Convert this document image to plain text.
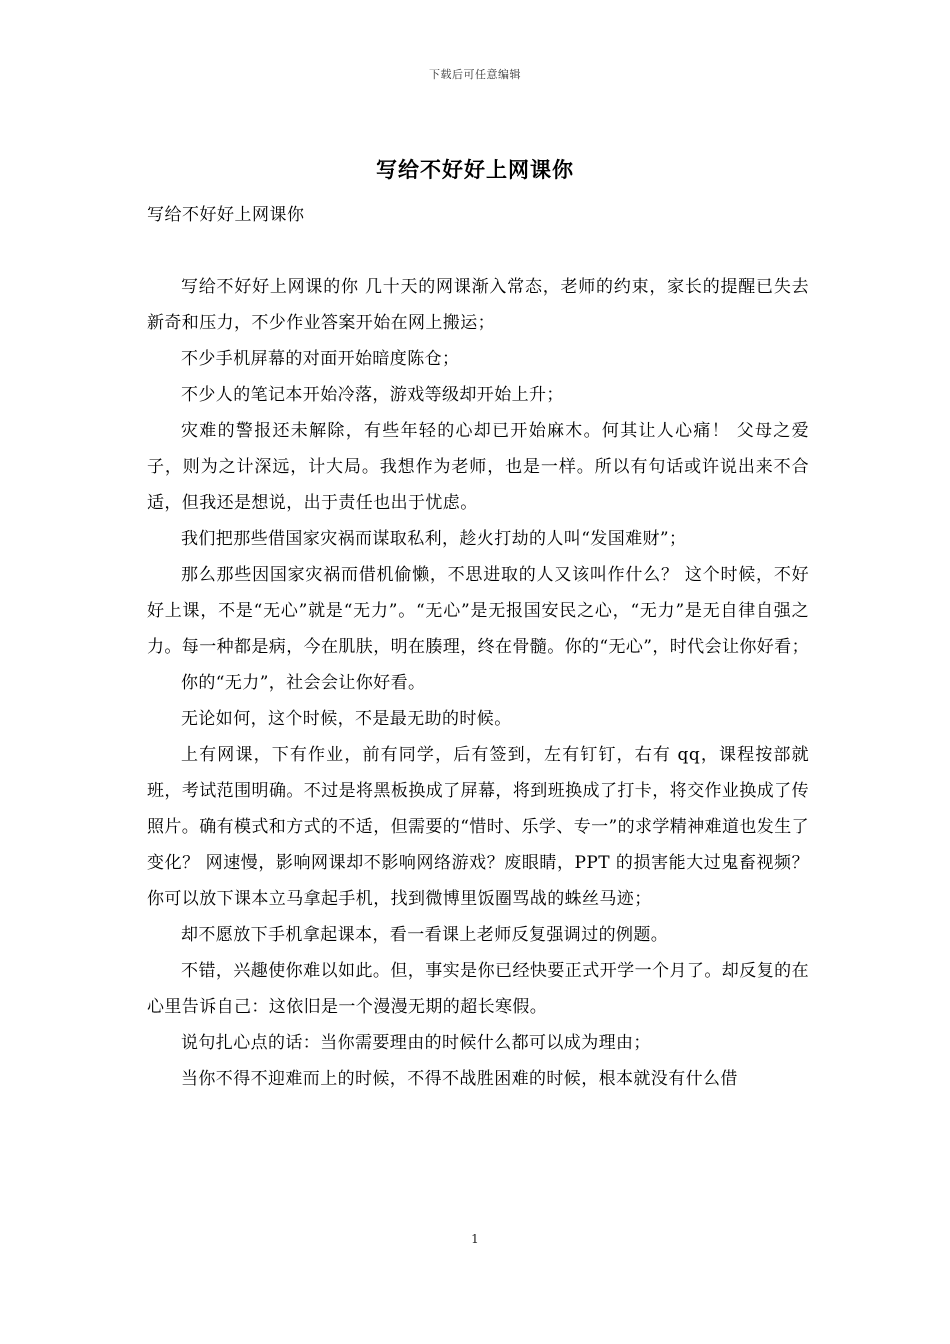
下载后可任意编辑
写给不好好上网课你

写给不好好上网课你

写给不好好上网课的你 几十天的网课渐入常态，老师的约束，家长的提醒已失去新奇和压力，不少作业答案开始在网上搬运；

不少手机屏幕的对面开始暗度陈仓；

不少人的笔记本开始冷落，游戏等级却开始上升；

灾难的警报还未解除，有些年轻的心却已开始麻木。何其让人心痛！ 父母之爱子，则为之计深远，计大局。我想作为老师，也是一样。所以有句话或许说出来不合适，但我还是想说，出于责任也出于忧虑。

我们把那些借国家灾祸而谋取私利，趁火打劫的人叫“发国难财”；

那么那些因国家灾祸而借机偷懒，不思进取的人又该叫作什么？ 这个时候，不好好上课，不是“无心”就是“无力”。“无心”是无报国安民之心，“无力”是无自律自强之力。每一种都是病，今在肌肤，明在腠理，终在骨髓。你的“无心”，时代会让你好看；

你的“无力”，社会会让你好看。

无论如何，这个时候，不是最无助的时候。

上有网课，下有作业，前有同学，后有签到，左有钉钉，右有 qq，课程按部就班，考试范围明确。不过是将黑板换成了屏幕，将到班换成了打卡，将交作业换成了传照片。确有模式和方式的不适，但需要的“惜时、乐学、专一”的求学精神难道也发生了变化？ 网速慢，影响网课却不影响网络游戏？废眼睛，PPT 的损害能大过鬼畜视频？你可以放下课本立马拿起手机，找到微博里饭圈骂战的蛛丝马迹；

却不愿放下手机拿起课本，看一看课上老师反复强调过的例题。

不错，兴趣使你难以如此。但，事实是你已经快要正式开学一个月了。却反复的在心里告诉自己：这依旧是一个漫漫无期的超长寒假。

说句扎心点的话：当你需要理由的时候什么都可以成为理由；

当你不得不迎难而上的时候，不得不战胜困难的时候，根本就没有什么借

1
